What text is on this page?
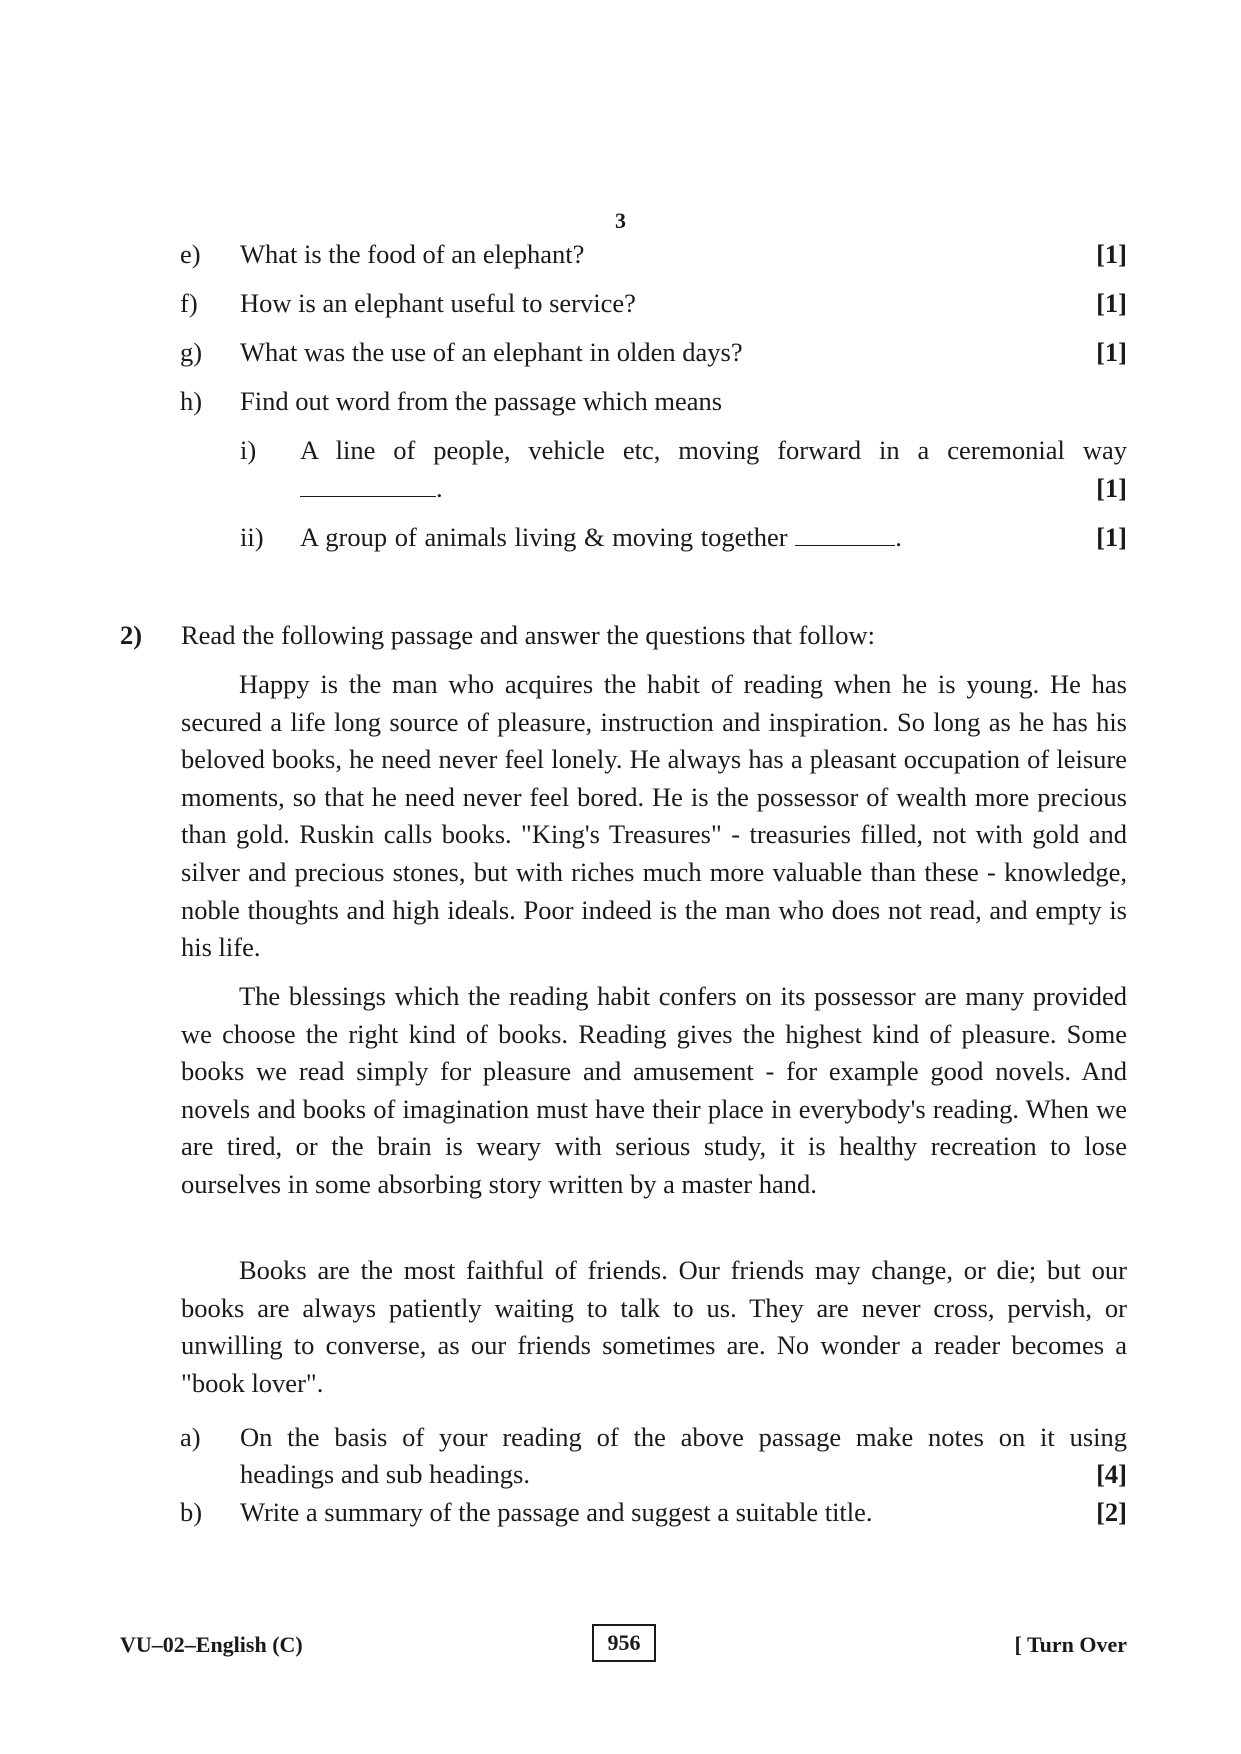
3
e) What is the food of an elephant?	[1]
f) How is an elephant useful to service?	[1]
g) What was the use of an elephant in olden days?	[1]
h) Find out word from the passage which means
i) A line of people, vehicle etc, moving forward in a ceremonial way
.	[1]
ii) A group of animals living & moving together	.	[1]
2) Read the following passage and answer the questions that follow:

Happy is the man who acquires the habit of reading when he is young. He has secured a life long source of pleasure, instruction and inspiration. So long as he has his beloved books, he need never feel lonely. He always has a pleasant occupation of leisure moments, so that he need never feel bored. He is the possessor of wealth more precious than gold. Ruskin calls books. "King's Treasures" - treasuries filled, not with gold and silver and precious stones, but with riches much more valuable than these - knowledge, noble thoughts and high ideals. Poor indeed is the man who does not read, and empty is his life.

The blessings which the reading habit confers on its possessor are many provided we choose the right kind of books. Reading gives the highest kind of pleasure. Some books we read simply for pleasure and amusement - for example good novels. And novels and books of imagination must have their place in everybody's reading. When we are tired, or the brain is weary with serious study, it is healthy recreation to lose ourselves in some absorbing story written by a master hand.

Books are the most faithful of friends. Our friends may change, or die; but our books are always patiently waiting to talk to us. They are never cross, pervish, or unwilling to converse, as our friends sometimes are. No wonder a reader becomes a "book lover".

a) On the basis of your reading of the above passage make notes on it using
headings and sub headings.	[4]
b) Write a summary of the passage and suggest a suitable title.	[2]
VU–02–English (C)	956	[ Turn Over
